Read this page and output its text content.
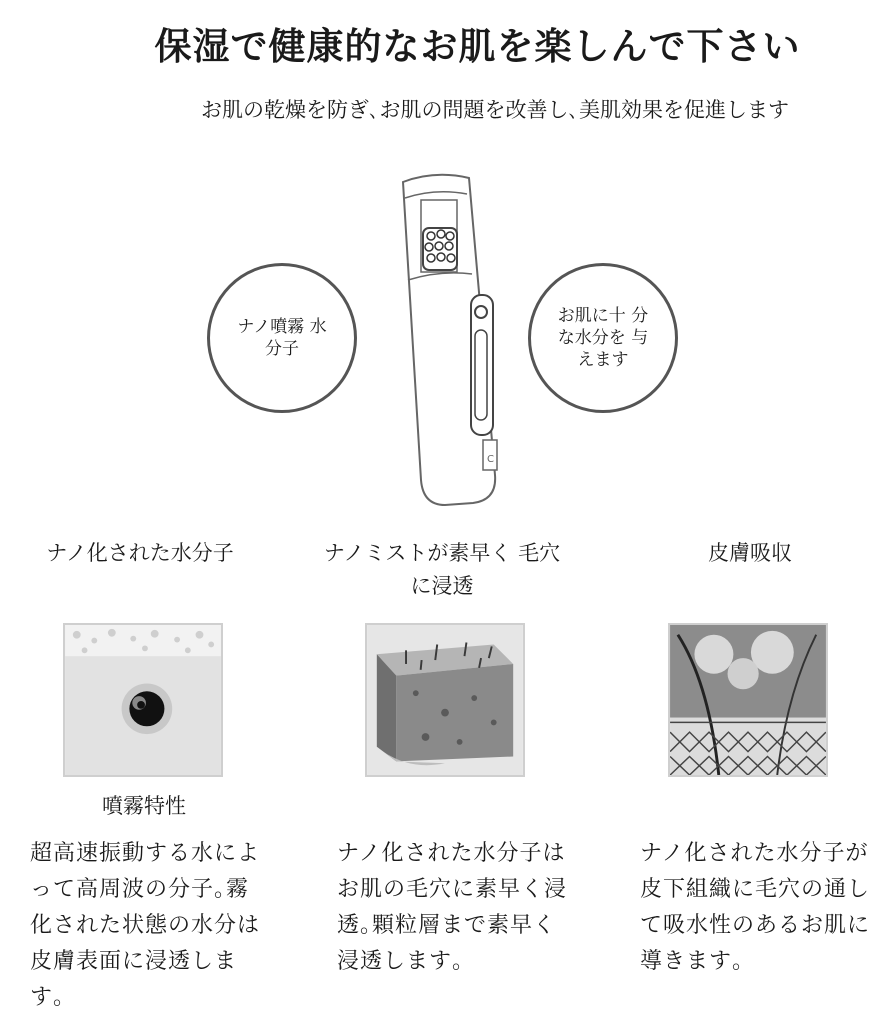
保湿で健康的なお肌を楽しんで下さい
お肌の乾燥を防ぎ､お肌の問題を改善し､美肌効果を促進します
C
ナノ噴霧 水分子
お肌に十 分な水分を 与えます
ナノ化された水分子	ナノミストが素早く 毛穴に浸透
皮膚吸収
噴霧特性
超高速振動する水によって高周波の分子｡霧化された状態の水分は皮膚表面に浸透します｡
ナノ化された水分子はお肌の毛穴に素早く浸透｡顆粒層まで素早く浸透します｡
ナノ化された水分子が皮下組織に毛穴の通して吸水性のあるお肌に導きます｡
